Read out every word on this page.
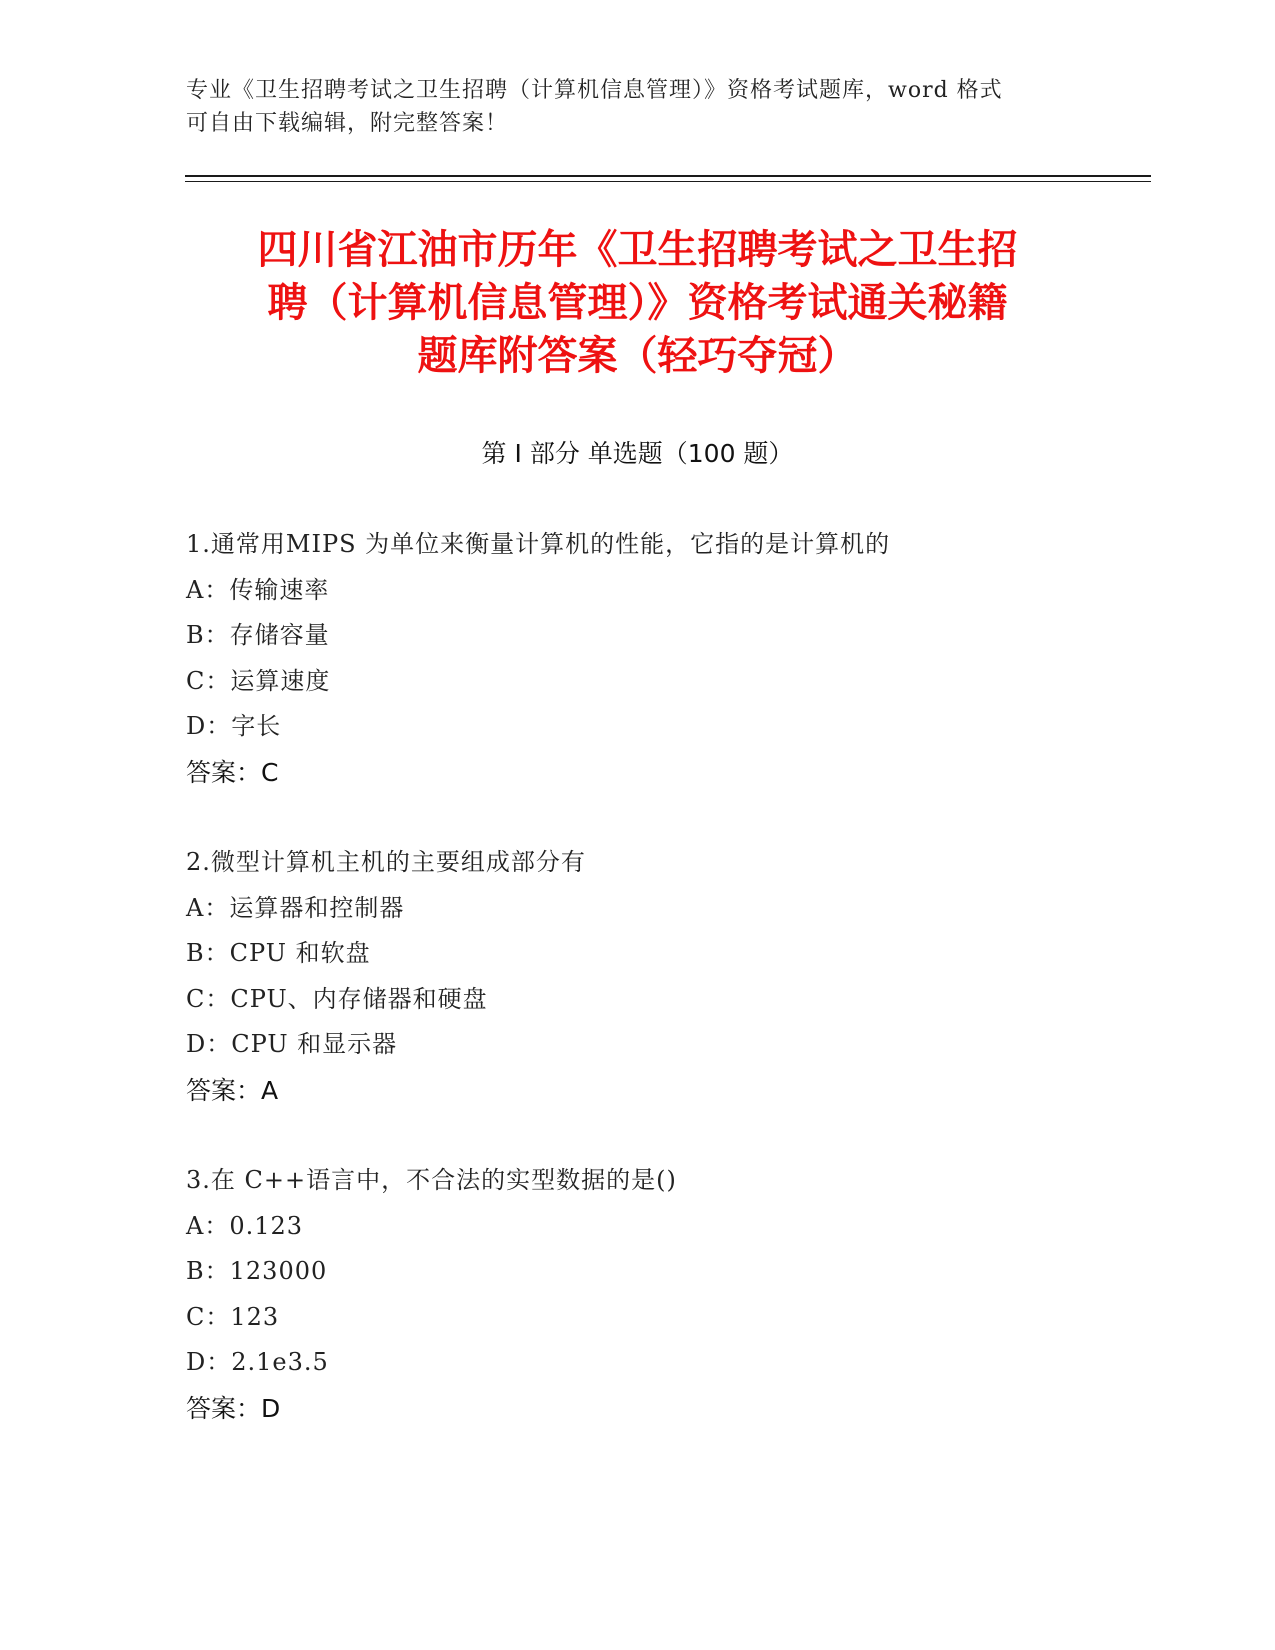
专业《卫生招聘考试之卫生招聘（计算机信息管理）》资格考试题库，word 格式
可自由下载编辑，附完整答案！
四川省江油市历年《卫生招聘考试之卫生招
聘（计算机信息管理）》资格考试通关秘籍
题库附答案（轻巧夺冠）
第 I 部分 单选题（100 题）
1.通常用MIPS 为单位来衡量计算机的性能，它指的是计算机的
A：传输速率
B：存储容量
C：运算速度
D：字长
答案：C
2.微型计算机主机的主要组成部分有
A：运算器和控制器
B：CPU 和软盘
C：CPU、内存储器和硬盘
D：CPU 和显示器
答案：A
3.在 C++语言中，不合法的实型数据的是()
A：0.123
B：123000
C：123
D：2.1e3.5
答案：D
